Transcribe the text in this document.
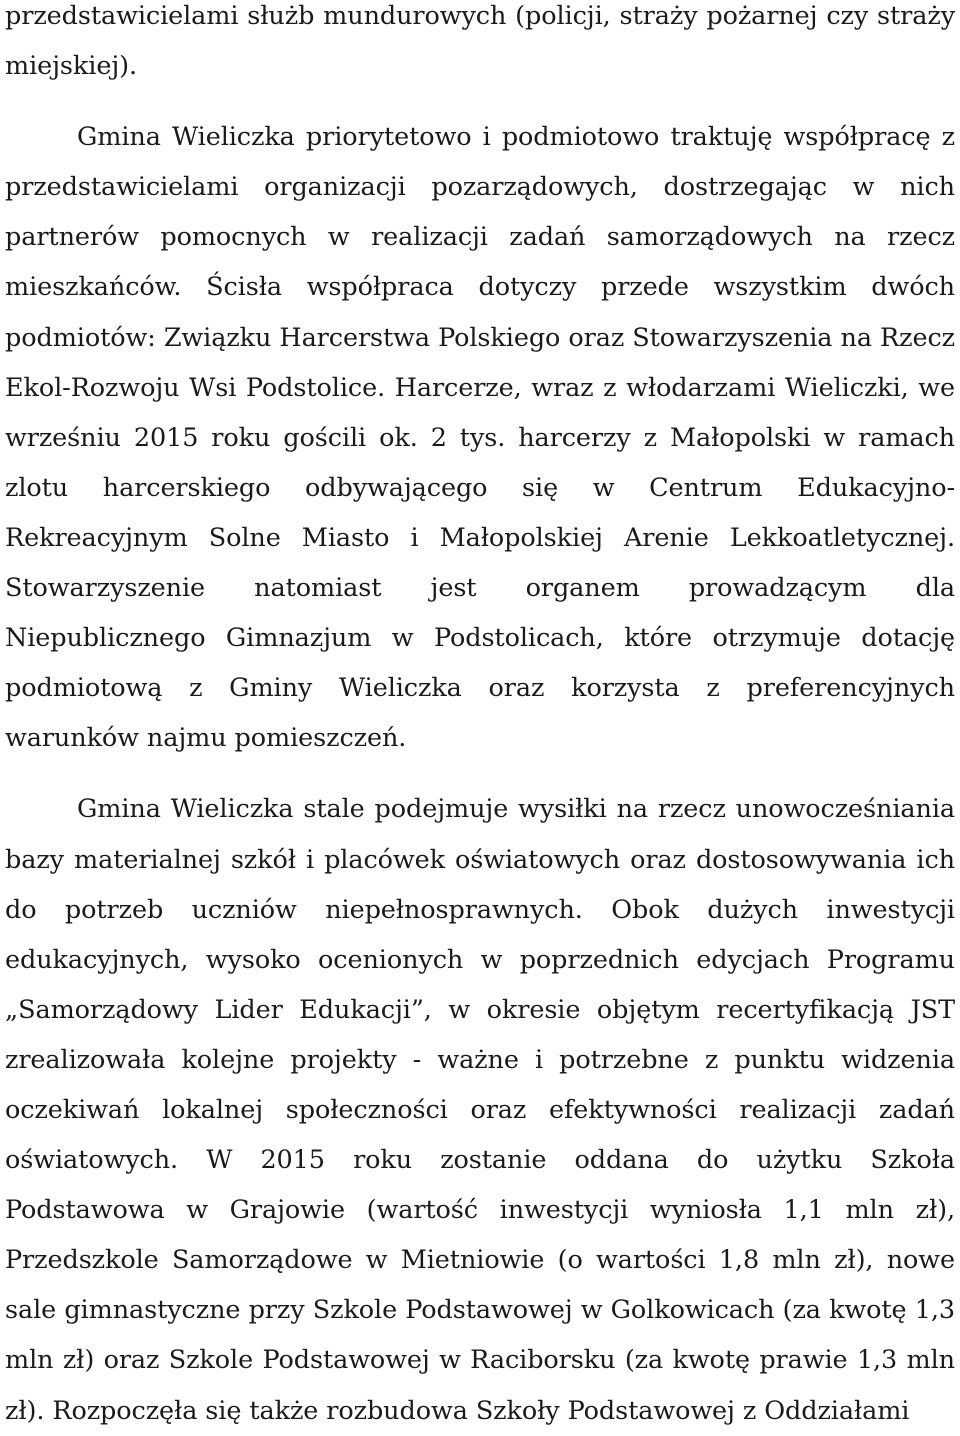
przedstawicielami służb mundurowych (policji, straży pożarnej czy straży miejskiej).

Gmina Wieliczka priorytetowo i podmiotowo traktuję współpracę z przedstawicielami organizacji pozarządowych, dostrzegając w nich partnerów pomocnych w realizacji zadań samorządowych na rzecz mieszkańców. Ścisła współpraca dotyczy przede wszystkim dwóch podmiotów: Związku Harcerstwa Polskiego oraz Stowarzyszenia na Rzecz Ekol-Rozwoju Wsi Podstolice. Harcerze, wraz z włodarzami Wieliczki, we wrześniu 2015 roku gościli ok. 2 tys. harcerzy z Małopolski w ramach zlotu harcerskiego odbywającego się w Centrum Edukacyjno-Rekreacyjnym Solne Miasto i Małopolskiej Arenie Lekkoatletycznej. Stowarzyszenie natomiast jest organem prowadzącym dla Niepublicznego Gimnazjum w Podstolicach, które otrzymuje dotację podmiotową z Gminy Wieliczka oraz korzysta z preferencyjnych warunków najmu pomieszczeń.

Gmina Wieliczka stale podejmuje wysiłki na rzecz unowocześniania bazy materialnej szkół i placówek oświatowych oraz dostosowywania ich do potrzeb uczniów niepełnosprawnych. Obok dużych inwestycji edukacyjnych, wysoko ocenionych w poprzednich edycjach Programu „Samorządowy Lider Edukacji”, w okresie objętym recertyfikacją JST zrealizowała kolejne projekty - ważne i potrzebne z punktu widzenia oczekiwań lokalnej społeczności oraz efektywności realizacji zadań oświatowych. W 2015 roku zostanie oddana do użytku Szkoła Podstawowa w Grajowie (wartość inwestycji wyniosła 1,1 mln zł), Przedszkole Samorządowe w Mietniowie (o wartości 1,8 mln zł), nowe sale gimnastyczne przy Szkole Podstawowej w Golkowicach (za kwotę 1,3 mln zł) oraz Szkole Podstawowej w Raciborsku (za kwotę prawie 1,3 mln zł). Rozpoczęła się także rozbudowa Szkoły Podstawowej z Oddziałami
